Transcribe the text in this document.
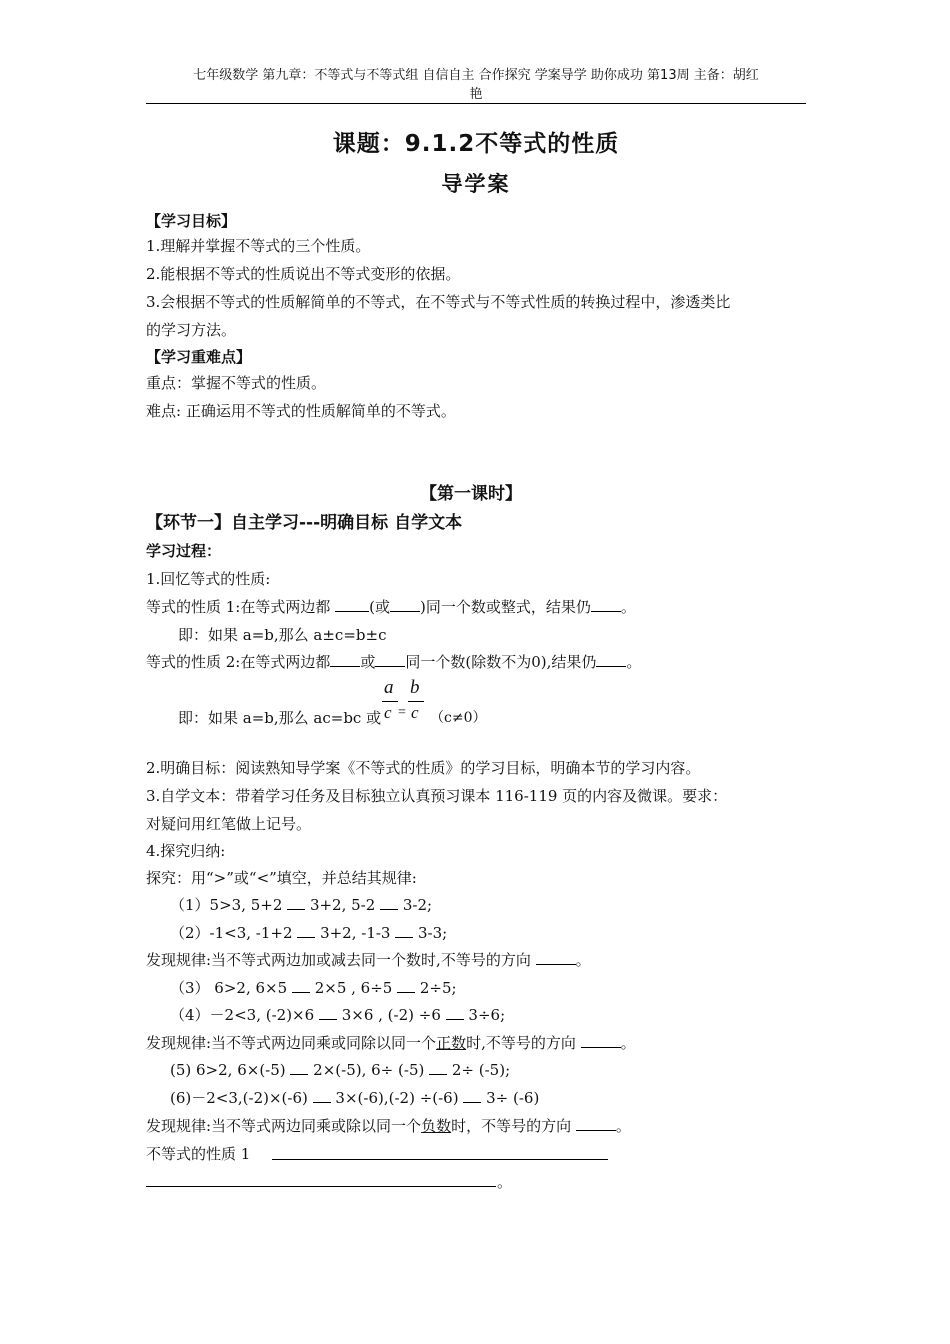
七年级数学 第九章：不等式与不等式组 自信自主 合作探究 学案导学 助你成功 第13周 主备：胡红
艳
课题：9.1.2不等式的性质
导学案
【学习目标】
1.理解并掌握不等式的三个性质。
2.能根据不等式的性质说出不等式变形的依据。
3.会根据不等式的性质解简单的不等式，在不等式与不等式性质的转换过程中，渗透类比
的学习方法。
【学习重难点】
重点：掌握不等式的性质。
难点: 正确运用不等式的性质解简单的不等式。
【第一课时】
【环节一】自主学习---明确目标 自学文本
学习过程：
1.回忆等式的性质:
等式的性质 1:在等式两边都 (或 )同一个数或整式，结果仍 。
即：如果 a=b,那么 a±c=b±c
等式的性质 2:在等式两边都 或 同一个数(除数不为0),结果仍 。
a
c =
b
c
即：如果 a=b,那么 ac=bc 或	（c≠0）
2.明确目标：阅读熟知导学案《不等式的性质》的学习目标，明确本节的学习内容。
3.自学文本：带着学习任务及目标独立认真预习课本 116-119 页的内容及微课。要求：
对疑问用红笔做上记号。
4.探究归纳:
探究：用“>”或“<”填空，并总结其规律:
（1）5>3, 5+2  3+2, 5-2  3-2;
（2）-1<3, -1+2  3+2, -1-3  3-3;
发现规律:当不等式两边加或减去同一个数时,不等号的方向	。
（3） 6>2, 6×5  2×5 , 6÷5  2÷5;
（4）－2<3, (-2)×6  3×6 , (-2) ÷6  3÷6;
发现规律:当不等式两边同乘或同除以同一个正数时,不等号的方向	。
(5) 6>2, 6×(-5)  2×(-5), 6÷ (-5)  2÷ (-5);
(6)－2<3,(-2)×(-6)  3×(-6),(-2) ÷(-6)  3÷ (-6)
发现规律:当不等式两边同乘或除以同一个负数时，不等号的方向	。
不等式的性质 1
。
